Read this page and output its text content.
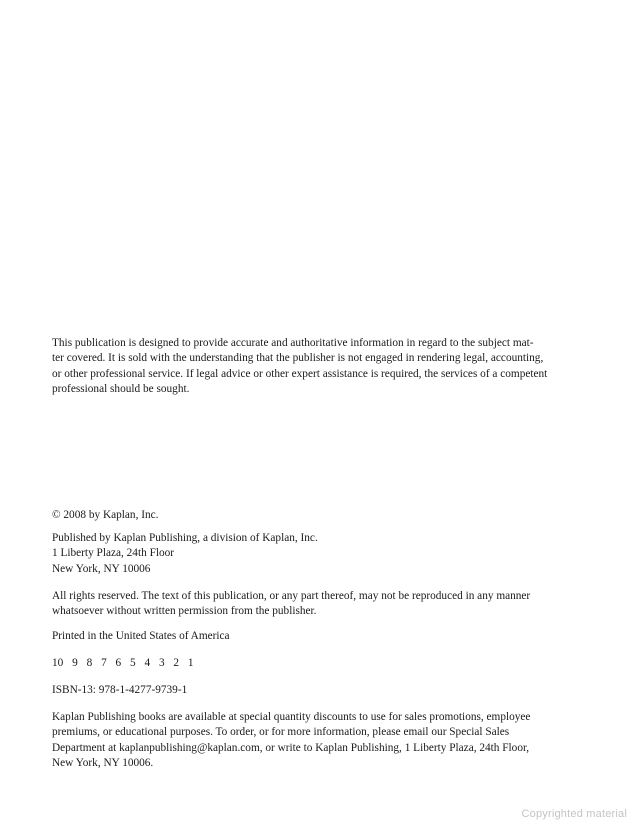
This publication is designed to provide accurate and authoritative information in regard to the subject mat-
ter covered. It is sold with the understanding that the publisher is not engaged in rendering legal, accounting,
or other professional service. If legal advice or other expert assistance is required, the services of a competent
professional should be sought.

© 2008 by Kaplan, Inc.

Published by Kaplan Publishing, a division of Kaplan, Inc.
1 Liberty Plaza, 24th Floor
New York, NY 10006

All rights reserved. The text of this publication, or any part thereof, may not be reproduced in any manner
whatsoever without written permission from the publisher.

Printed in the United States of America

10 9 8 7 6 5 4 3 2 1

ISBN-13: 978-1-4277-9739-1

Kaplan Publishing books are available at special quantity discounts to use for sales promotions, employee
premiums, or educational purposes. To order, or for more information, please email our Special Sales
Department at kaplanpublishing@kaplan.com, or write to Kaplan Publishing, 1 Liberty Plaza, 24th Floor,
New York, NY 10006.

Copyrighted material
